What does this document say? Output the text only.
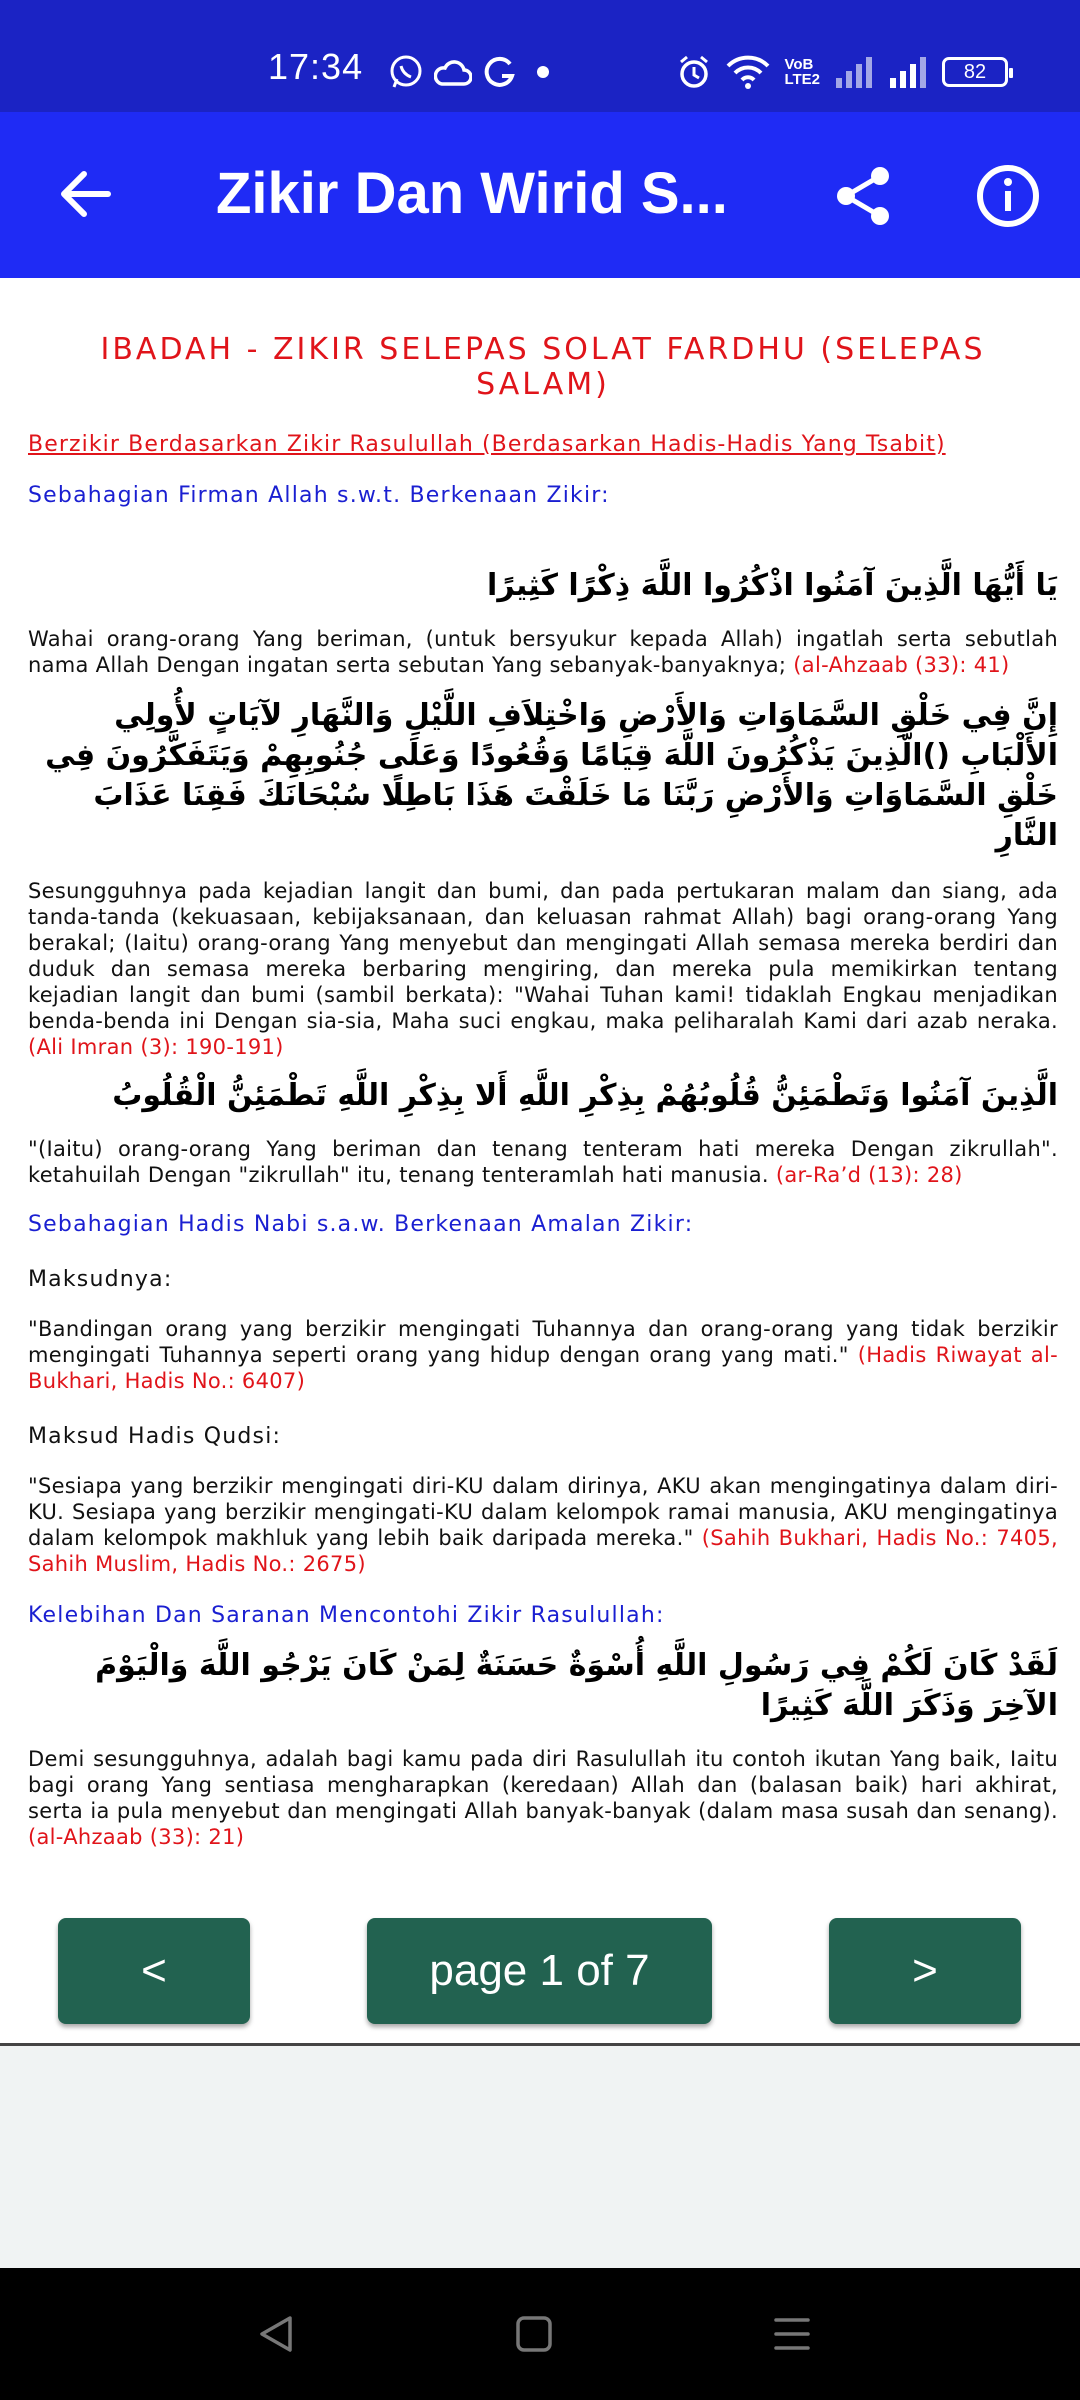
17:34	VoB
LTE2	82
Zikir Dan Wirid S...
IBADAH - ZIKIR SELEPAS SOLAT FARDHU (SELEPAS SALAM)
Berzikir Berdasarkan Zikir Rasulullah (Berdasarkan Hadis-Hadis Yang Tsabit)
Sebahagian Firman Allah s.w.t. Berkenaan Zikir:
يَا أَيُّهَا الَّذِينَ آمَنُوا اذْكُرُوا اللَّهَ ذِكْرًا كَثِيرًا
Wahai orang-orang Yang beriman, (untuk bersyukur kepada Allah) ingatlah serta sebutlah nama Allah Dengan ingatan serta sebutan Yang sebanyak-banyaknya; (al-Ahzaab (33): 41)
إِنَّ فِي خَلْقِ السَّمَاوَاتِ وَالأَرْضِ وَاخْتِلاَفِ اللَّيْلِ وَالنَّهَارِ لآيَاتٍ لأُولِي الأَلْبَابِ ()الَّذِينَ يَذْكُرُونَ اللَّهَ قِيَامًا وَقُعُودًا وَعَلَى جُنُوبِهِمْ وَيَتَفَكَّرُونَ فِي خَلْقِ السَّمَاوَاتِ وَالأَرْضِ رَبَّنَا مَا خَلَقْتَ هَذَا بَاطِلًا سُبْحَانَكَ فَقِنَا عَذَابَ النَّارِ
Sesungguhnya pada kejadian langit dan bumi, dan pada pertukaran malam dan siang, ada tanda-tanda (kekuasaan, kebijaksanaan, dan keluasan rahmat Allah) bagi orang-orang Yang berakal; (Iaitu) orang-orang Yang menyebut dan mengingati Allah semasa mereka berdiri dan duduk dan semasa mereka berbaring mengiring, dan mereka pula memikirkan tentang kejadian langit dan bumi (sambil berkata): "Wahai Tuhan kami! tidaklah Engkau menjadikan benda-benda ini Dengan sia-sia, Maha suci engkau, maka peliharalah Kami dari azab neraka. (Ali Imran (3): 190-191)
الَّذِينَ آمَنُوا وَتَطْمَئِنُّ قُلُوبُهُمْ بِذِكْرِ اللَّهِ أَلا بِذِكْرِ اللَّهِ تَطْمَئِنُّ الْقُلُوبُ
"(Iaitu) orang-orang Yang beriman dan tenang tenteram hati mereka Dengan zikrullah". ketahuilah Dengan "zikrullah" itu, tenang tenteramlah hati manusia. (ar-Ra’d (13): 28)
Sebahagian Hadis Nabi s.a.w. Berkenaan Amalan Zikir:
Maksudnya:
"Bandingan orang yang berzikir mengingati Tuhannya dan orang-orang yang tidak berzikir mengingati Tuhannya seperti orang yang hidup dengan orang yang mati." (Hadis Riwayat al-Bukhari, Hadis No.: 6407)
Maksud Hadis Qudsi:
"Sesiapa yang berzikir mengingati diri-KU dalam dirinya, AKU akan mengingatinya dalam diri-KU. Sesiapa yang berzikir mengingati-KU dalam kelompok ramai manusia, AKU mengingatinya dalam kelompok makhluk yang lebih baik daripada mereka." (Sahih Bukhari, Hadis No.: 7405, Sahih Muslim, Hadis No.: 2675)
Kelebihan Dan Saranan Mencontohi Zikir Rasulullah:
لَقَدْ كَانَ لَكُمْ فِي رَسُولِ اللَّهِ أُسْوَةٌ حَسَنَةٌ لِمَنْ كَانَ يَرْجُو اللَّهَ وَالْيَوْمَ الآخِرَ وَذَكَرَ اللَّهَ كَثِيرًا
Demi sesungguhnya, adalah bagi kamu pada diri Rasulullah itu contoh ikutan Yang baik, Iaitu bagi orang Yang sentiasa mengharapkan (keredaan) Allah dan (balasan baik) hari akhirat, serta ia pula menyebut dan mengingati Allah banyak-banyak (dalam masa susah dan senang). (al-Ahzaab (33): 21)
<	page 1 of 7	>
